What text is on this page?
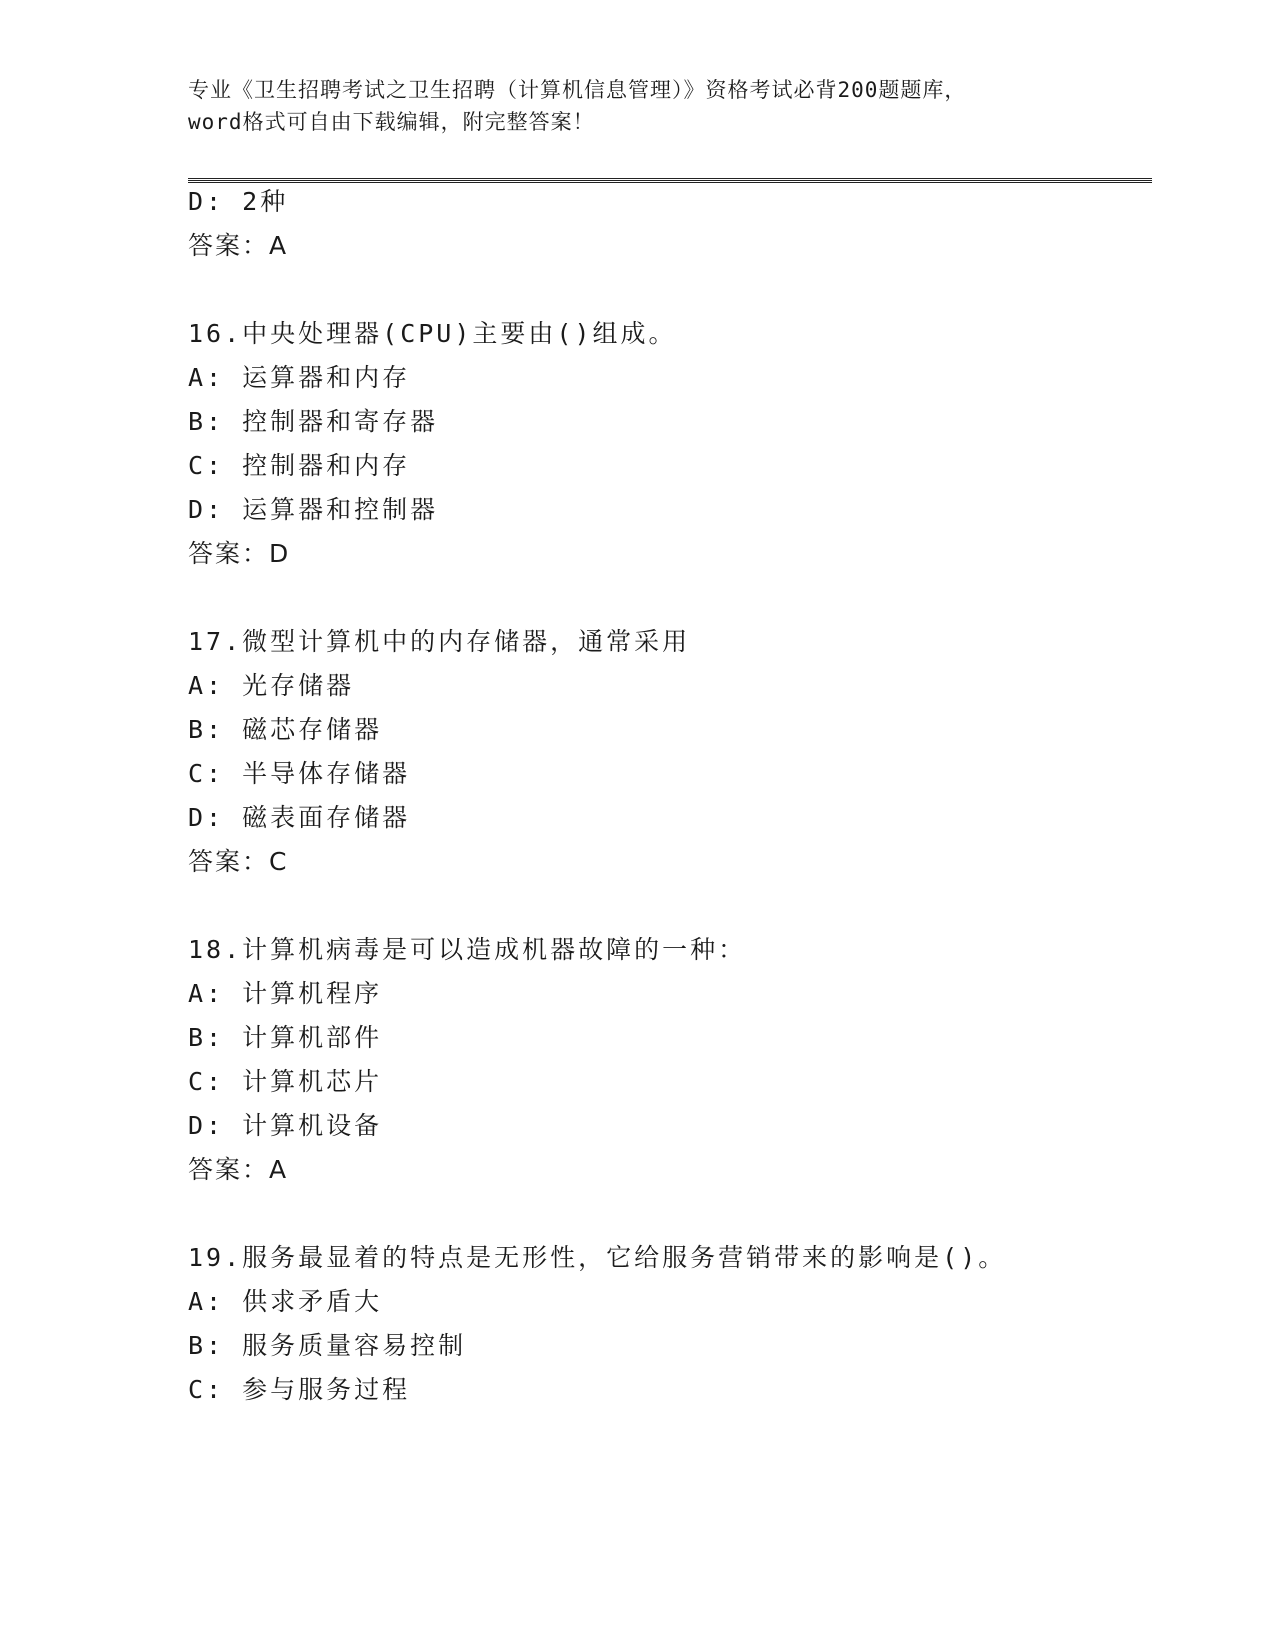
专业《卫生招聘考试之卫生招聘（计算机信息管理）》资格考试必背200题题库，
word格式可自由下载编辑，附完整答案！
D: 2种
答案：A
16.中央处理器(CPU)主要由()组成。
A: 运算器和内存
B: 控制器和寄存器
C: 控制器和内存
D: 运算器和控制器
答案：D
17.微型计算机中的内存储器，通常采用
A: 光存储器
B: 磁芯存储器
C: 半导体存储器
D: 磁表面存储器
答案：C
18.计算机病毒是可以造成机器故障的一种：
A: 计算机程序
B: 计算机部件
C: 计算机芯片
D: 计算机设备
答案：A
19.服务最显着的特点是无形性，它给服务营销带来的影响是()。
A: 供求矛盾大
B: 服务质量容易控制
C: 参与服务过程
